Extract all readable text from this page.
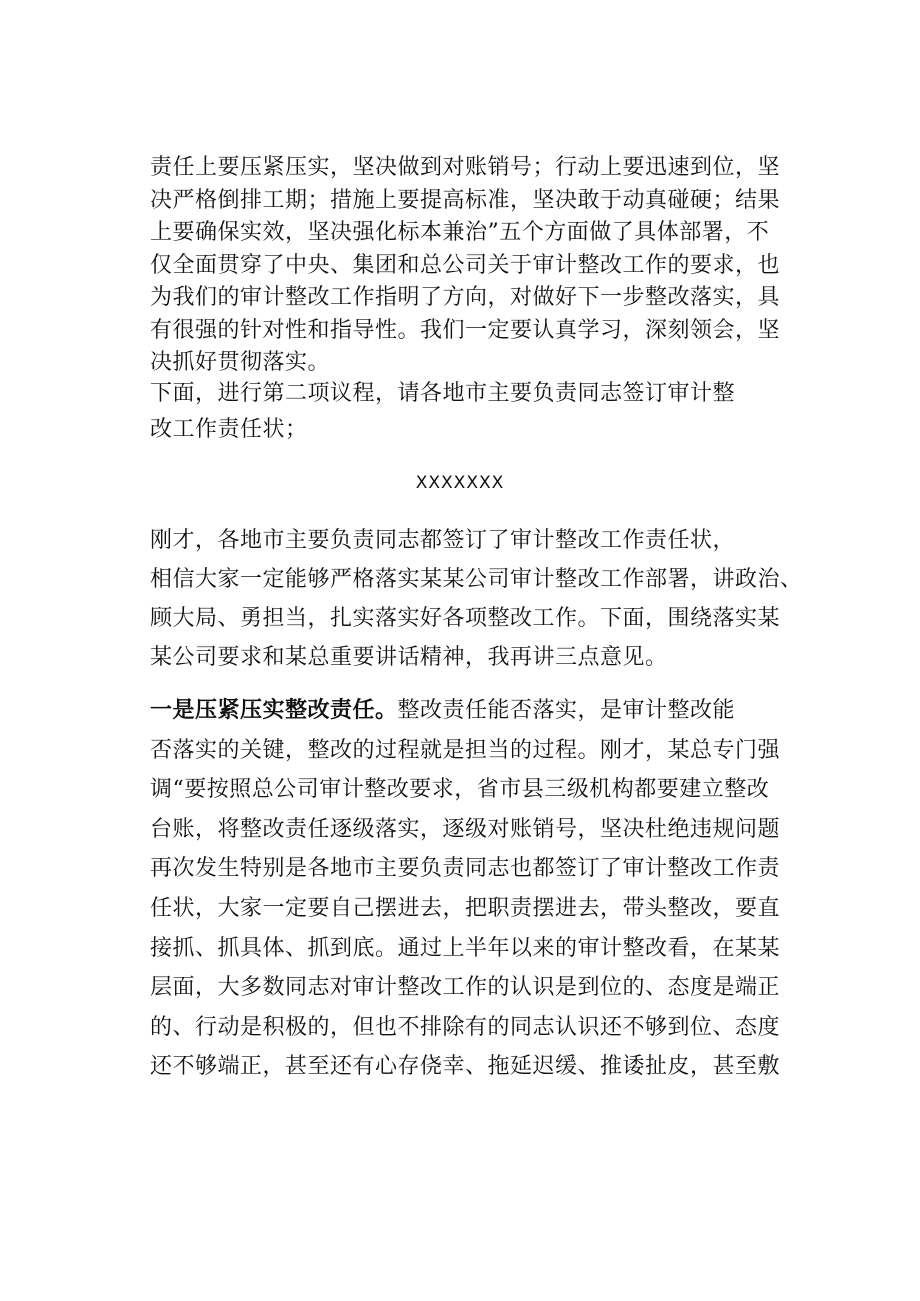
责任上要压紧压实，坚决做到对账销号；行动上要迅速到位，坚
决严格倒排工期；措施上要提高标准，坚决敢于动真碰硬；结果
上要确保实效，坚决强化标本兼治”五个方面做了具体部署，不
仅全面贯穿了中央、集团和总公司关于审计整改工作的要求，也
为我们的审计整改工作指明了方向，对做好下一步整改落实，具
有很强的针对性和指导性。我们一定要认真学习，深刻领会，坚
决抓好贯彻落实。
下面，进行第二项议程，请各地市主要负责同志签订审计整
改工作责任状；
XXXXXXX
刚才，各地市主要负责同志都签订了审计整改工作责任状，
相信大家一定能够严格落实某某公司审计整改工作部署，讲政治、
顾大局、勇担当，扎实落实好各项整改工作。下面，围绕落实某
某公司要求和某总重要讲话精神，我再讲三点意见。
一是压紧压实整改责任。整改责任能否落实，是审计整改能
否落实的关键，整改的过程就是担当的过程。刚才，某总专门强
调“要按照总公司审计整改要求，省市县三级机构都要建立整改
台账，将整改责任逐级落实，逐级对账销号，坚决杜绝违规问题
再次发生特别是各地市主要负责同志也都签订了审计整改工作责
任状，大家一定要自己摆进去，把职责摆进去，带头整改，要直
接抓、抓具体、抓到底。通过上半年以来的审计整改看，在某某
层面，大多数同志对审计整改工作的认识是到位的、态度是端正
的、行动是积极的，但也不排除有的同志认识还不够到位、态度
还不够端正，甚至还有心存侥幸、拖延迟缓、推诿扯皮，甚至敷
